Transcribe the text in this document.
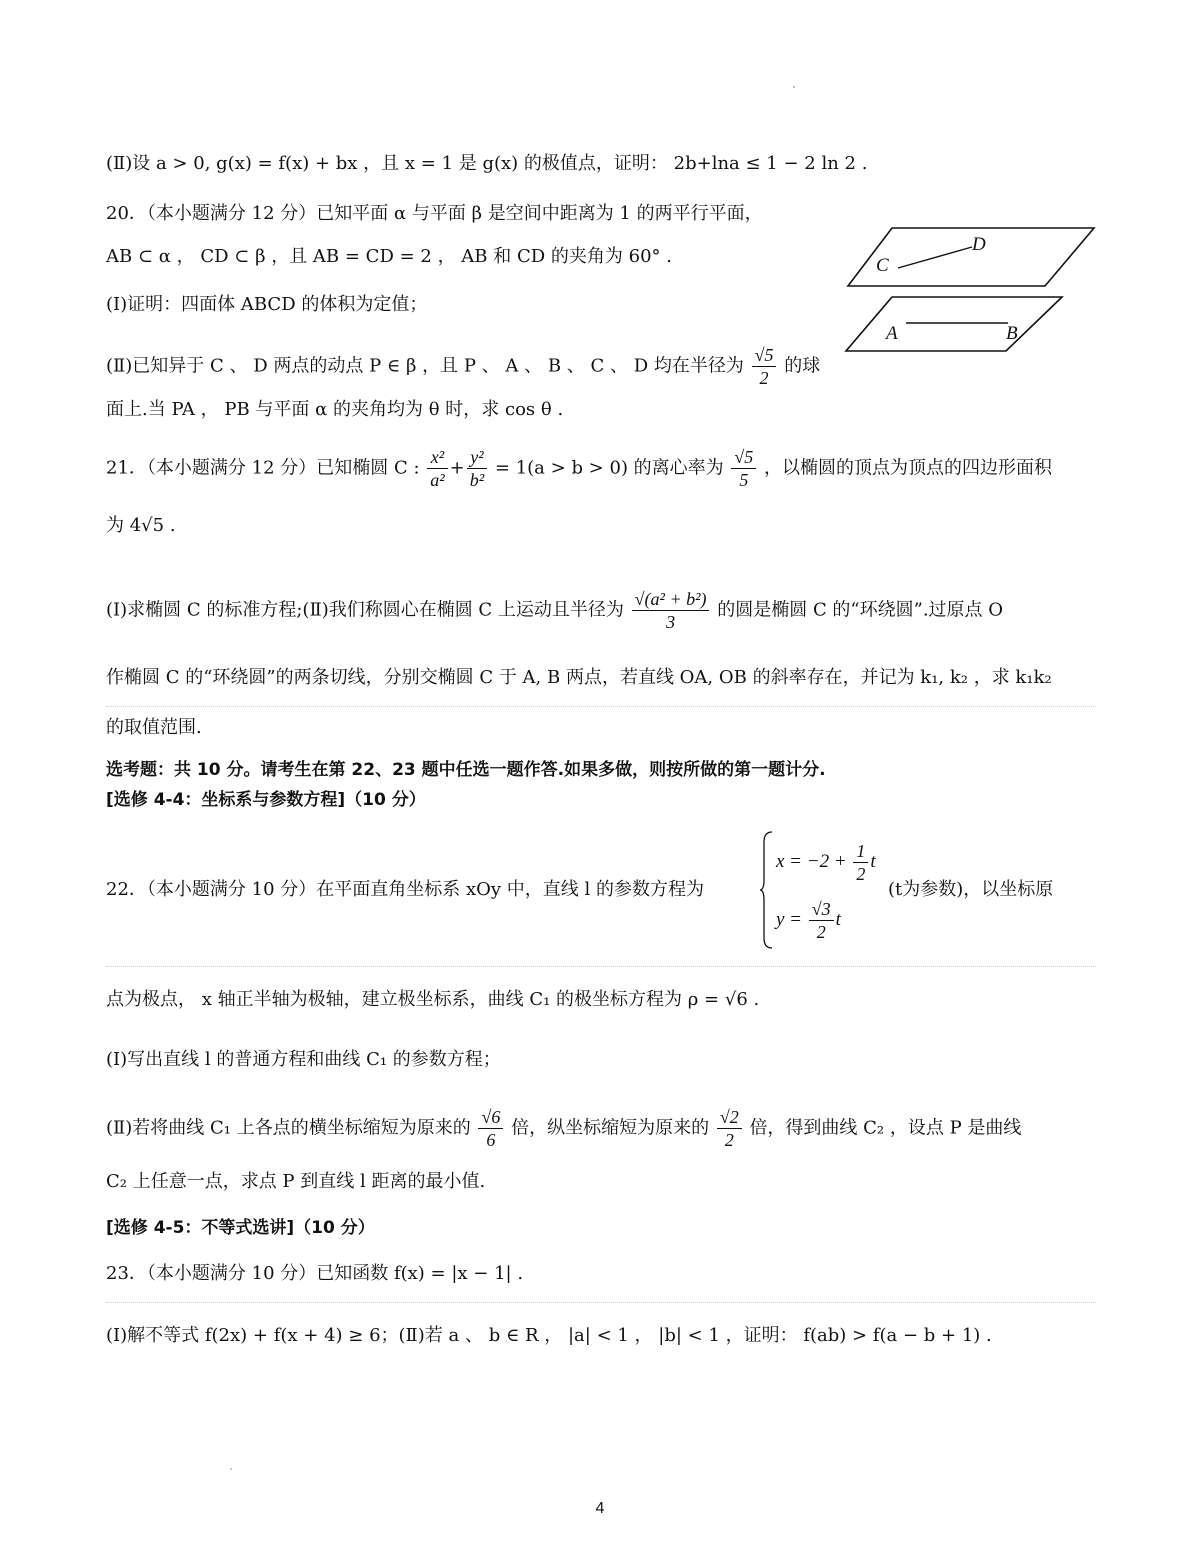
(Ⅱ)设 a > 0, g(x) = f(x) + bx ，且 x = 1 是 g(x) 的极值点，证明： 2b+lna ≤ 1 − 2 ln 2 .
20．（本小题满分 12 分）已知平面 α 与平面 β 是空间中距离为 1 的两平行平面，
AB ⊂ α ， CD ⊂ β ，且 AB = CD = 2 ， AB 和 CD 的夹角为 60° .
(Ⅰ)证明：四面体 ABCD 的体积为定值；
(Ⅱ)已知异于 C 、 D 两点的动点 P ∈ β ，且 P 、 A 、 B 、 C 、 D 均在半径为 $\frac{√5}{2}$ 的球
面上.当 PA ， PB 与平面 α 的夹角均为 θ 时，求 cos θ .
C
D
A	B
21．（本小题满分 12 分）已知椭圆 C : $\frac{\text{x²}}{\text{a²}} + \frac{\text{y²}}{\text{b²}} = 1(a > b > 0)$ 的离心率为 $\frac{√5}{5}$ ，以椭圆的顶点为顶点的四边形面积
为 4√5 .
(Ⅰ)求椭圆 C 的标准方程;(Ⅱ)我们称圆心在椭圆 C 上运动且半径为 $\frac{\text{√(a² + b²)}}{3}$ 的圆是椭圆 C 的“环绕圆”.过原点 O
作椭圆 C 的“环绕圆”的两条切线，分别交椭圆 C 于 A, B 两点，若直线 OA, OB 的斜率存在，并记为 k₁, k₂ ，求 k₁k₂
的取值范围.
选考题：共 10 分。请考生在第 22、23 题中任选一题作答.如果多做，则按所做的第一题计分.
[选修 4-4：坐标系与参数方程]（10 分）
22．（本小题满分 10 分）在平面直角坐标系 xOy 中，直线 l 的参数方程为
$x = -2 + \frac{1}{2}$ t
$y = \frac{√3}{2}$ t
(t为参数)，以坐标原
点为极点， x 轴正半轴为极轴，建立极坐标系，曲线 C₁ 的极坐标方程为 ρ = √6 .
(Ⅰ)写出直线 l 的普通方程和曲线 C₁ 的参数方程；
(Ⅱ)若将曲线 C₁ 上各点的横坐标缩短为原来的 $\frac{√6}{6}$ 倍，纵坐标缩短为原来的 $\frac{√2}{2}$ 倍，得到曲线 C₂ ，设点 P 是曲线
C₂ 上任意一点，求点 P 到直线 l 距离的最小值.
[选修 4-5：不等式选讲]（10 分）
23．（本小题满分 10 分）已知函数 f(x) = |x − 1| .
(Ⅰ)解不等式 f(2x) + f(x + 4) ≥ 6；(Ⅱ)若 a 、 b ∈ R ， |a| < 1 ， |b| < 1 ，证明： f(ab) > f(a − b + 1) .
4
